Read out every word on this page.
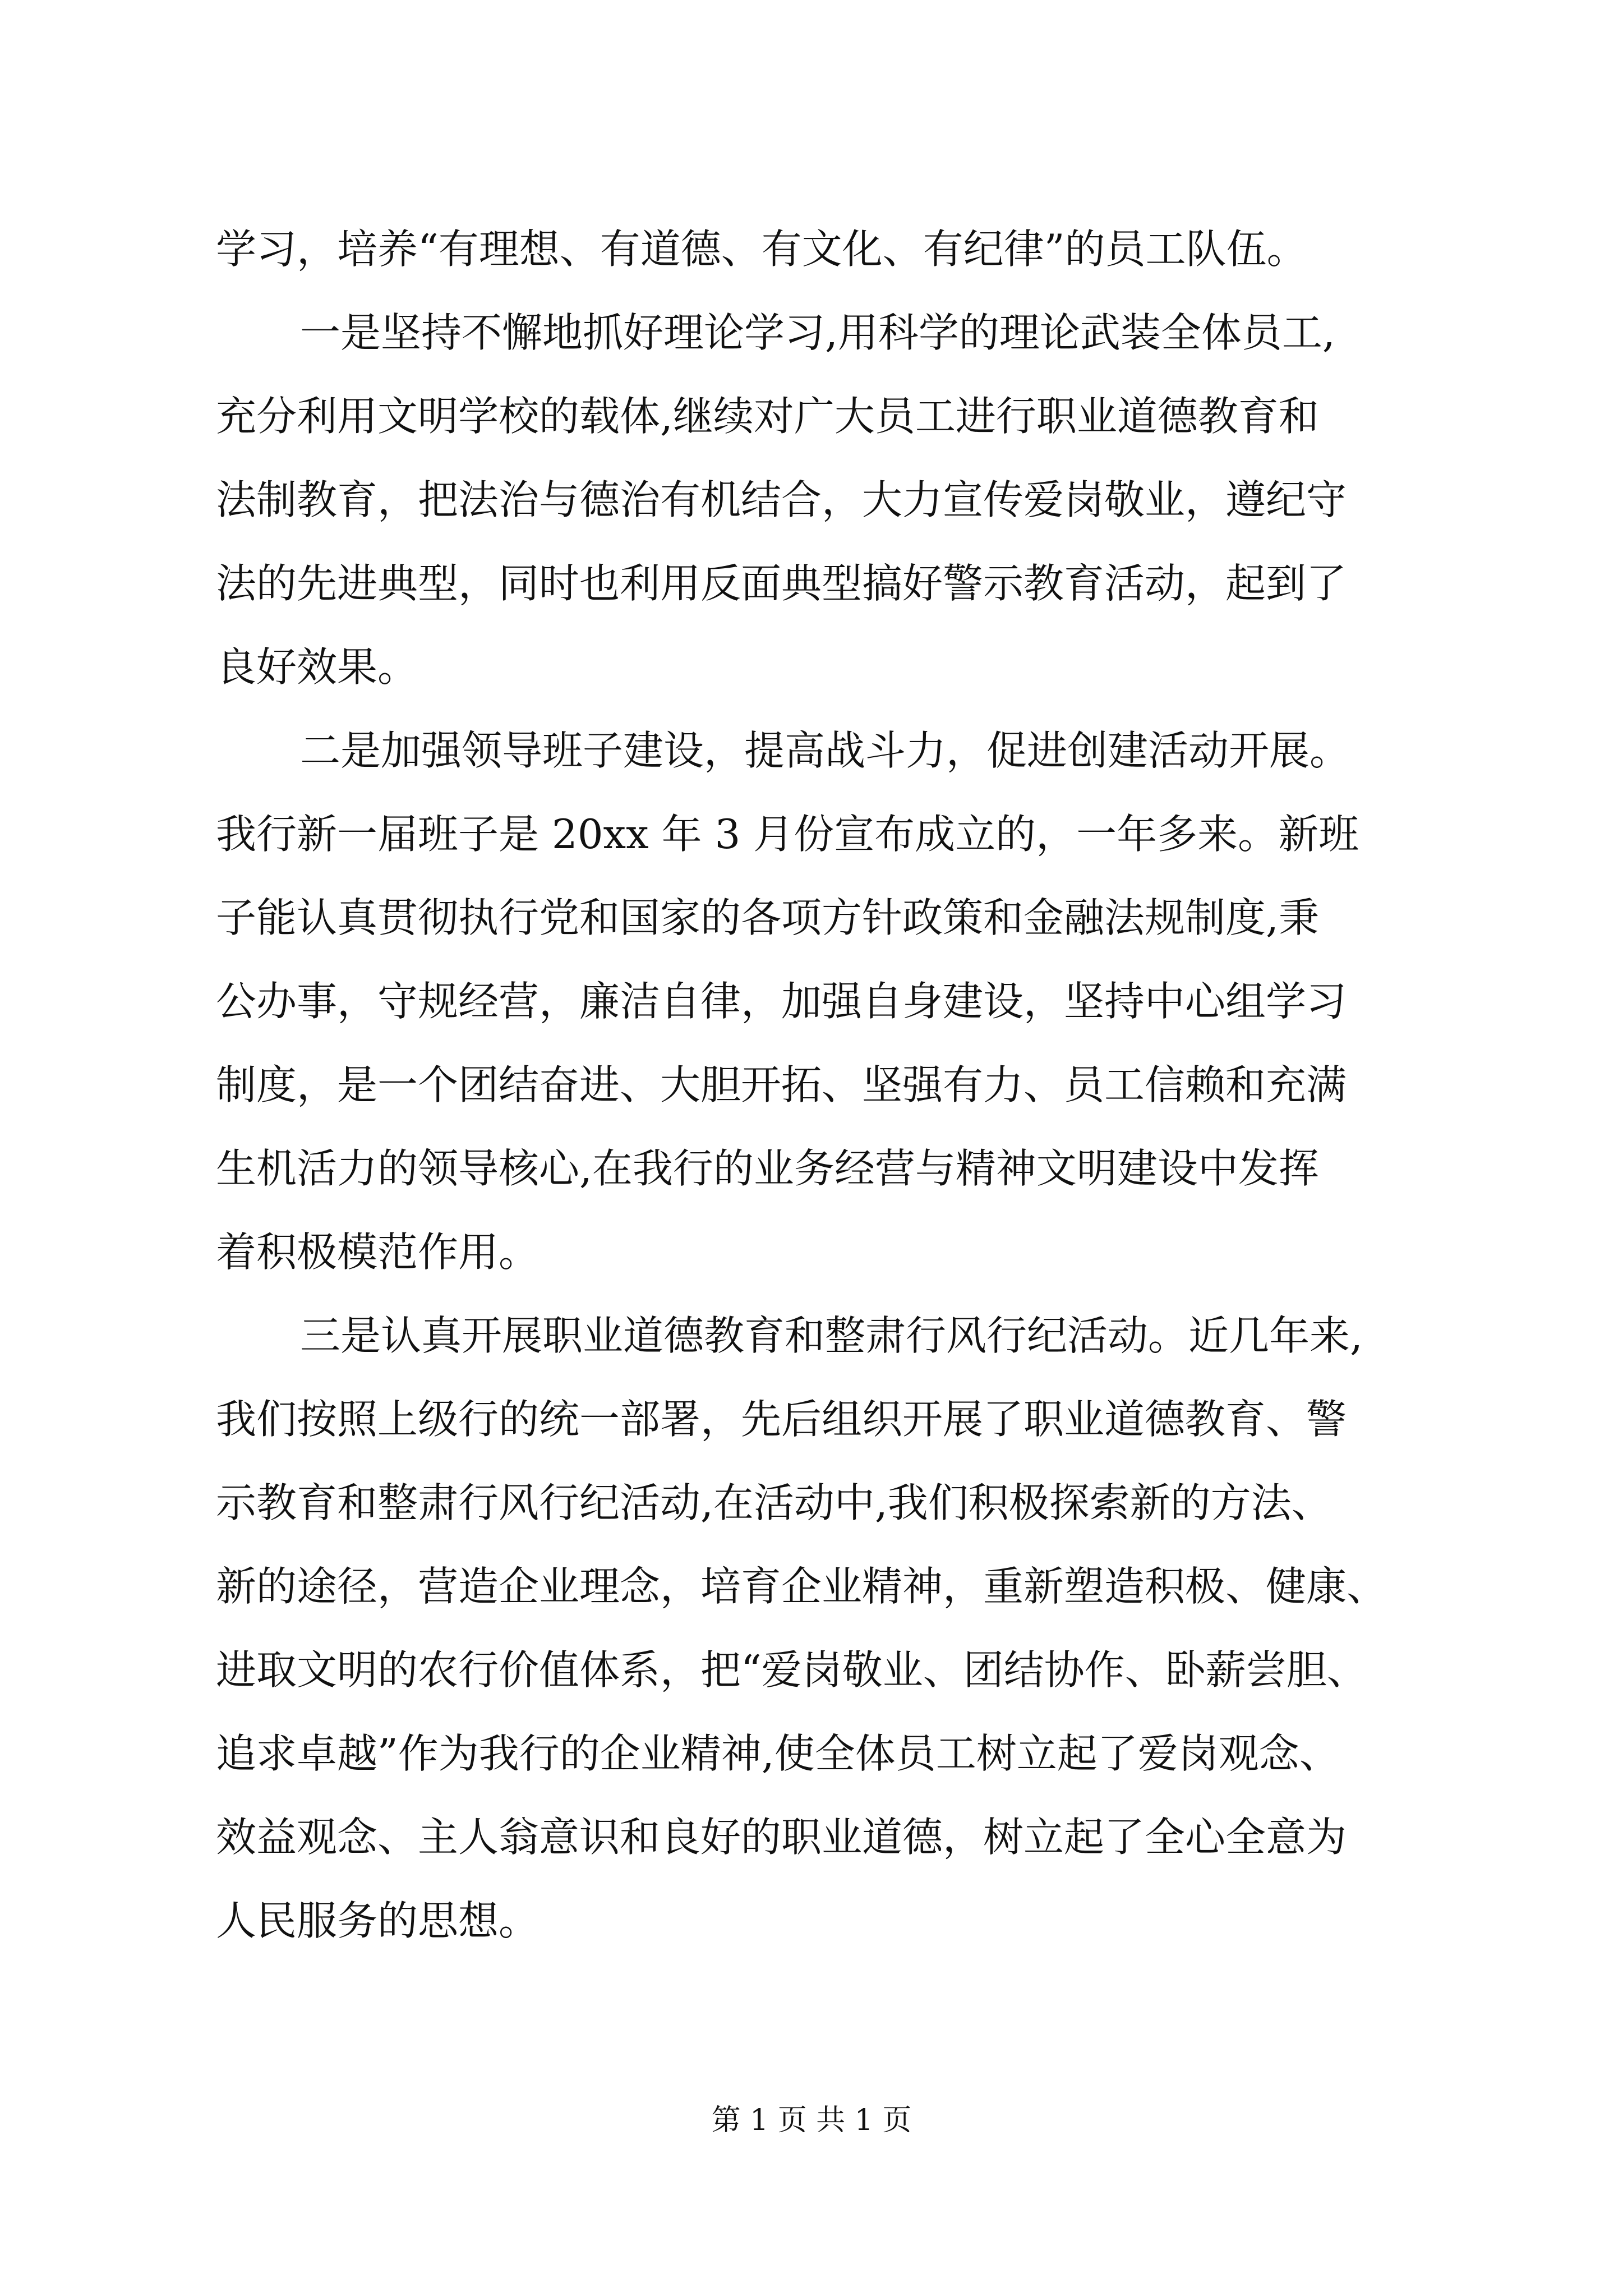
学习，培养“有理想、有道德、有文化、有纪律”的员工队伍。
一是坚持不懈地抓好理论学习,用科学的理论武装全体员工,
充分利用文明学校的载体,继续对广大员工进行职业道德教育和
法制教育，把法治与德治有机结合，大力宣传爱岗敬业，遵纪守
法的先进典型，同时也利用反面典型搞好警示教育活动，起到了
良好效果。
二是加强领导班子建设，提高战斗力，促进创建活动开展。
我行新一届班子是 20xx 年 3 月份宣布成立的，一年多来。新班
子能认真贯彻执行党和国家的各项方针政策和金融法规制度,秉
公办事，守规经营，廉洁自律，加强自身建设，坚持中心组学习
制度，是一个团结奋进、大胆开拓、坚强有力、员工信赖和充满
生机活力的领导核心,在我行的业务经营与精神文明建设中发挥
着积极模范作用。
三是认真开展职业道德教育和整肃行风行纪活动。近几年来,
我们按照上级行的统一部署，先后组织开展了职业道德教育、警
示教育和整肃行风行纪活动,在活动中,我们积极探索新的方法、
新的途径，营造企业理念，培育企业精神，重新塑造积极、健康、
进取文明的农行价值体系，把“爱岗敬业、团结协作、卧薪尝胆、
追求卓越”作为我行的企业精神,使全体员工树立起了爱岗观念、
效益观念、主人翁意识和良好的职业道德，树立起了全心全意为
人民服务的思想。
第 1 页 共 1 页
